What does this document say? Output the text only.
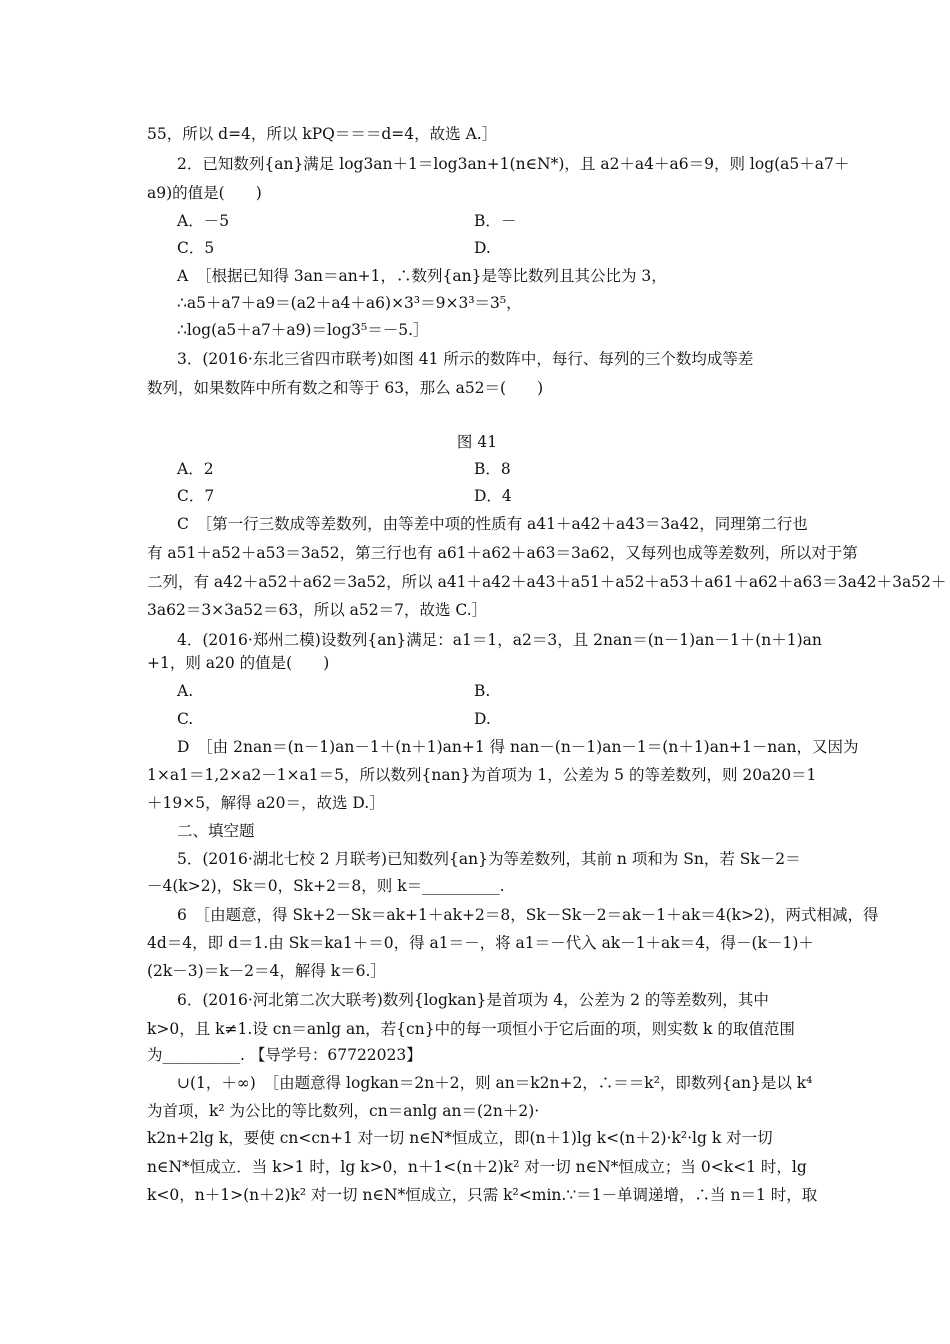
55，所以 d=4，所以 kPQ＝＝＝d=4，故选 A.］
2．已知数列{an}满足 log3an＋1＝log3an+1(n∈N*)，且 a2＋a4＋a6＝9，则 log(a5＋a7＋
a9)的值是(　　)
A．－5	B．－
C．5	D.
A　［根据已知得 3an＝an+1，∴数列{an}是等比数列且其公比为 3，
∴a5＋a7＋a9＝(a2＋a4＋a6)×3³＝9×3³＝3⁵，
∴log(a5＋a7＋a9)＝log3⁵＝－5.］
3．(2016·东北三省四市联考)如图 41 所示的数阵中，每行、每列的三个数均成等差
数列，如果数阵中所有数之和等于 63，那么 a52＝(　　)
图 41
A．2	B．8
C．7	D．4
C　［第一行三数成等差数列，由等差中项的性质有 a41＋a42＋a43＝3a42，同理第二行也
有 a51＋a52＋a53＝3a52，第三行也有 a61＋a62＋a63＝3a62，又每列也成等差数列，所以对于第
二列，有 a42＋a52＋a62＝3a52，所以 a41＋a42＋a43＋a51＋a52＋a53＋a61＋a62＋a63＝3a42＋3a52＋
3a62＝3×3a52＝63，所以 a52＝7，故选 C.］
4．(2016·郑州二模)设数列{an}满足：a1＝1，a2＝3，且 2nan＝(n－1)an－1＋(n＋1)an
+1，则 a20 的值是(　　)
A.	B.
C.	D.
D　［由 2nan＝(n－1)an－1＋(n＋1)an+1 得 nan－(n－1)an－1＝(n＋1)an+1－nan，又因为
1×a1＝1,2×a2－1×a1＝5，所以数列{nan}为首项为 1，公差为 5 的等差数列，则 20a20＝1
＋19×5，解得 a20＝，故选 D.］
二、填空题
5．(2016·湖北七校 2 月联考)已知数列{an}为等差数列，其前 n 项和为 Sn，若 Sk－2＝
－4(k>2)，Sk＝0，Sk+2＝8，则 k＝__________.
6　［由题意，得 Sk+2－Sk＝ak+1＋ak+2＝8，Sk－Sk－2＝ak－1＋ak＝4(k>2)，两式相减，得
4d＝4，即 d＝1.由 Sk＝ka1＋＝0，得 a1＝－，将 a1＝－代入 ak－1＋ak＝4，得－(k－1)＋
(2k－3)＝k－2＝4，解得 k＝6.］
6．(2016·河北第二次大联考)数列{logkan}是首项为 4，公差为 2 的等差数列，其中
k>0，且 k≠1.设 cn＝anlg an，若{cn}中的每一项恒小于它后面的项，则实数 k 的取值范围
为__________. 【导学号：67722023】
∪(1，＋∞)　［由题意得 logkan＝2n＋2，则 an＝k2n+2，∴＝＝k²，即数列{an}是以 k⁴
为首项，k² 为公比的等比数列，cn＝anlg an＝(2n＋2)·
k2n+2lg k，要使 cn<cn+1 对一切 n∈N*恒成立，即(n＋1)lg k<(n＋2)·k²·lg k 对一切
n∈N*恒成立．当 k>1 时，lg k>0，n＋1<(n＋2)k² 对一切 n∈N*恒成立；当 0<k<1 时，lg
k<0，n＋1>(n＋2)k² 对一切 n∈N*恒成立，只需 k²<min.∵＝1－单调递增，∴当 n＝1 时，取
